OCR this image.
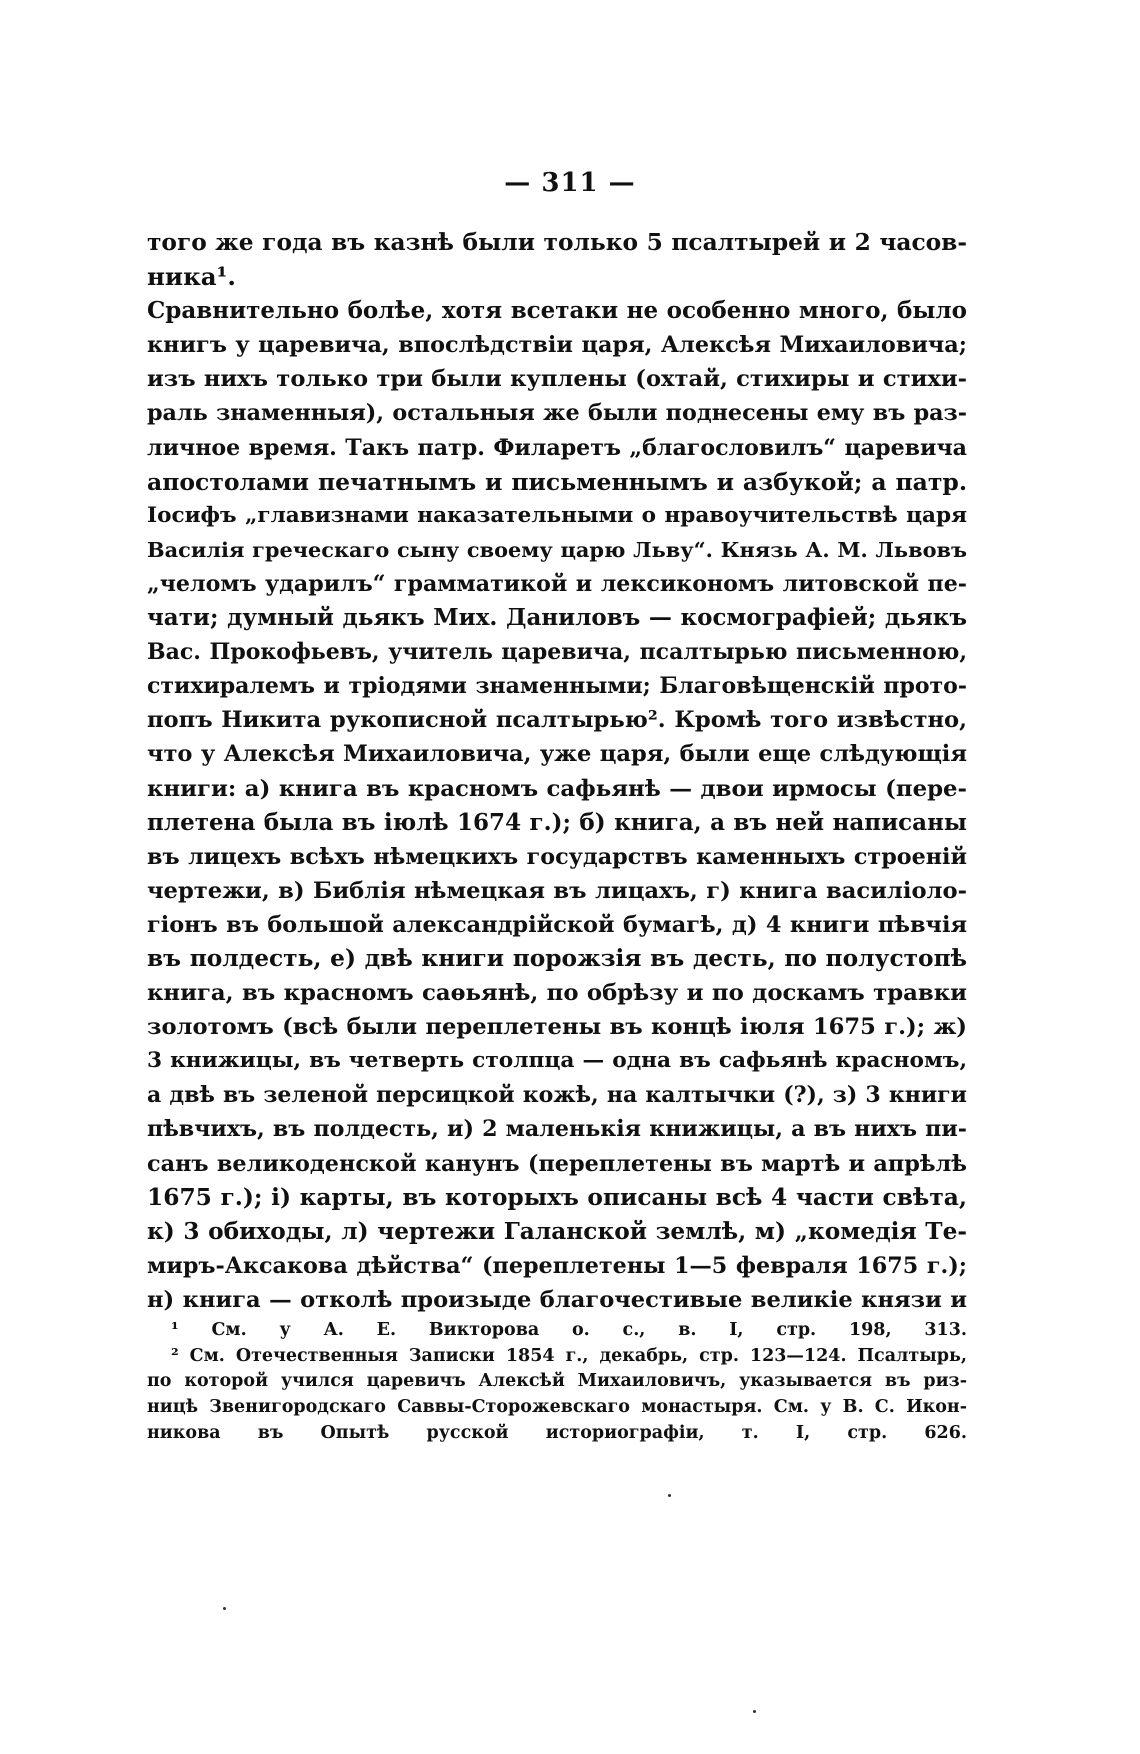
— 311 —
того же года въ казнѣ были только 5 псалтырей и 2 часов-
ника¹.
Сравнительно болѣе, хотя всетаки не особенно много, было
книгъ у царевича, впослѣдствіи царя, Алексѣя Михаиловича;
изъ нихъ только три были куплены (охтай, стихиры и стихи-
раль знаменныя), остальныя же были поднесены ему въ раз-
личное время. Такъ патр. Филаретъ „благословилъ“ царевича
апостолами печатнымъ и письменнымъ и азбукой; а патр.
Іосифъ „главизнами наказательными о нравоучительствѣ царя
Василія греческаго сыну своему царю Льву“. Князь А. М. Львовъ
„челомъ ударилъ“ грамматикой и лексикономъ литовской пе-
чати; думный дьякъ Мих. Даниловъ — космографіей; дьякъ
Вас. Прокофьевъ, учитель царевича, псалтырью письменною,
стихиралемъ и тріодями знаменными; Благовѣщенскій прото-
попъ Никита рукописной псалтырью². Кромѣ того извѣстно,
что у Алексѣя Михаиловича, уже царя, были еще слѣдующія
книги: а) книга въ красномъ сафьянѣ — двои ирмосы (пере-
плетена была въ іюлѣ 1674 г.); б) книга, а въ ней написаны
въ лицехъ всѣхъ нѣмецкихъ государствъ каменныхъ строеній
чертежи, в) Библія нѣмецкая въ лицахъ, г) книга василіоло-
гіонъ въ большой александрійской бумагѣ, д) 4 книги пѣвчія
въ полдесть, е) двѣ книги порожзія въ десть, по полустопѣ
книга, въ красномъ саѳьянѣ, по обрѣзу и по доскамъ травки
золотомъ (всѣ были переплетены въ концѣ іюля 1675 г.); ж)
3 книжицы, въ четверть столпца — одна въ сафьянѣ красномъ,
а двѣ въ зеленой персицкой кожѣ, на калтычки (?), з) 3 книги
пѣвчихъ, въ полдесть, и) 2 маленькія книжицы, а въ нихъ пи-
санъ великоденской канунъ (переплетены въ мартѣ и апрѣлѣ
1675 г.); і) карты, въ которыхъ описаны всѣ 4 части свѣта,
к) 3 обиходы, л) чертежи Галанской землѣ, м) „комедія Те-
миръ-Аксакова дѣйства“ (переплетены 1—5 февраля 1675 г.);
н) книга — отколѣ произыде благочестивые великіе князи и
¹ См. у А. Е. Викторова о. с., в. I, стр. 198, 313.
² См. Отечественныя Записки 1854 г., декабрь, стр. 123—124. Псалтырь,
по которой учился царевичъ Алексѣй Михаиловичъ, указывается въ риз-
ницѣ Звенигородскаго Саввы-Сторожевскаго монастыря. См. у В. С. Икон-
никова въ Опытѣ русской историографіи, т. I, стр. 626.
